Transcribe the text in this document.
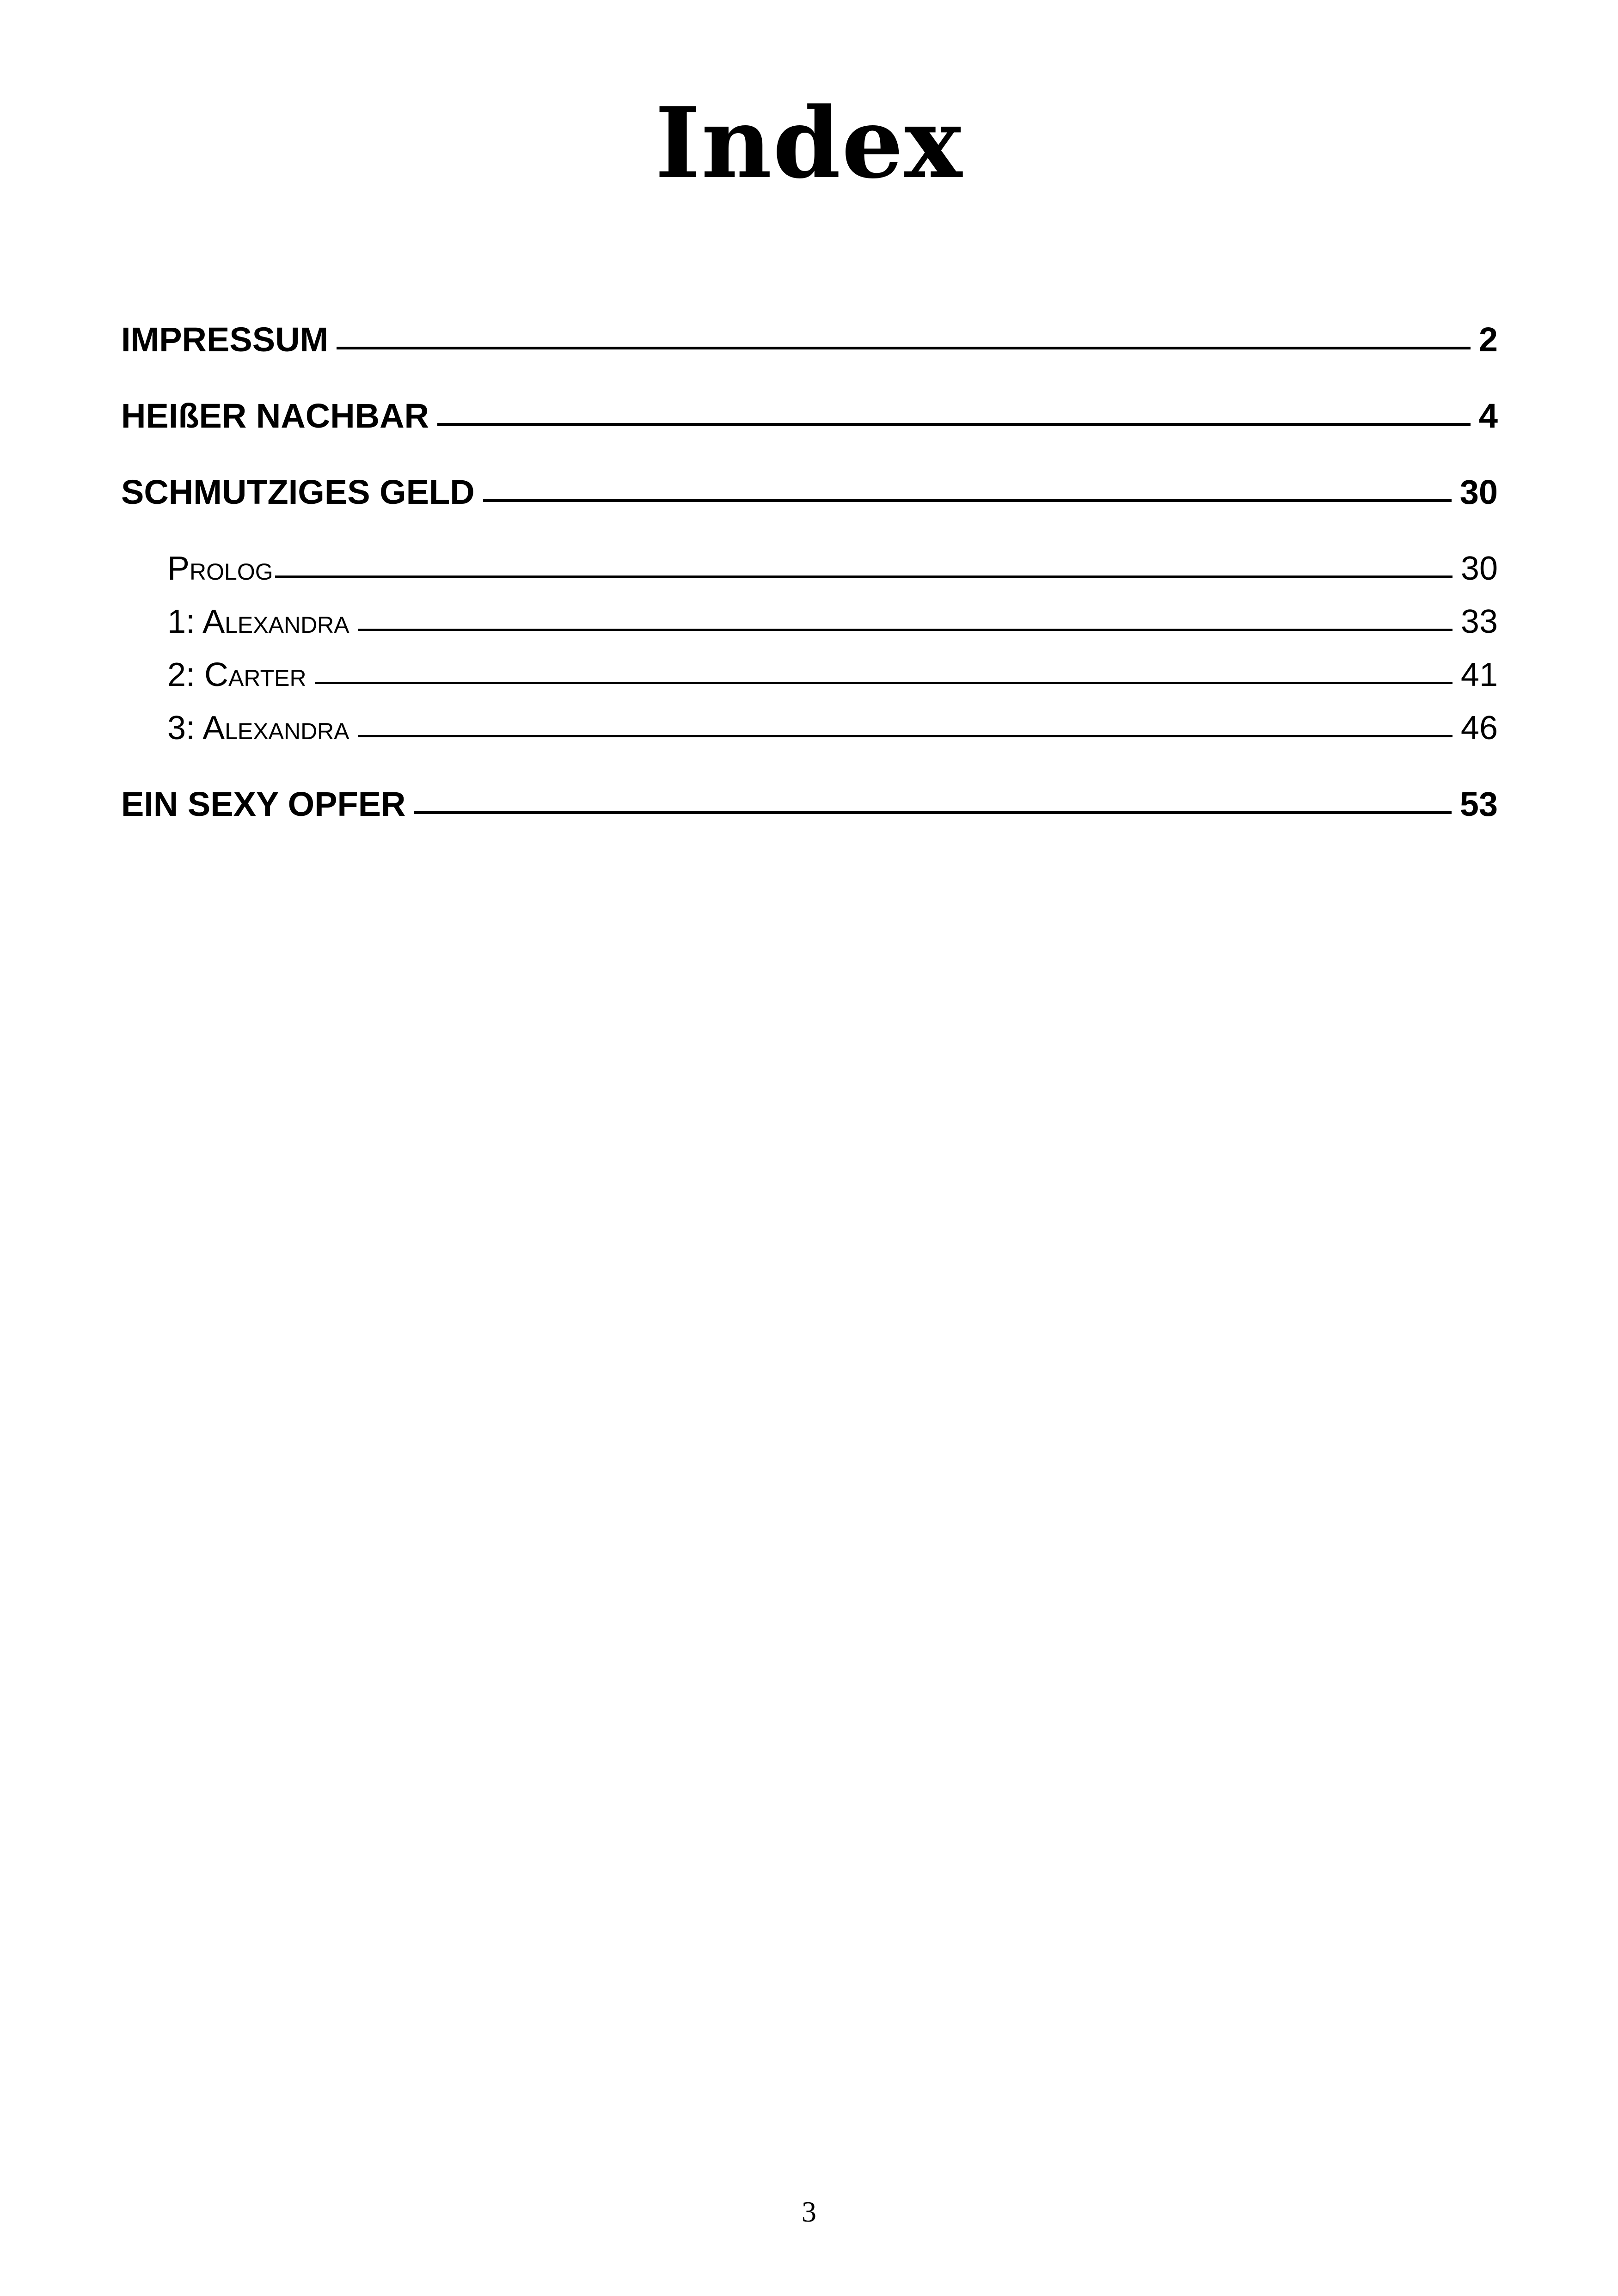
Index
IMPRESSUM	2
HEIßER NACHBAR	4
SCHMUTZIGES GELD	30
Prolog	30
1: Alexandra	33
2: Carter	41
3: Alexandra	46
EIN SEXY OPFER	53
3
